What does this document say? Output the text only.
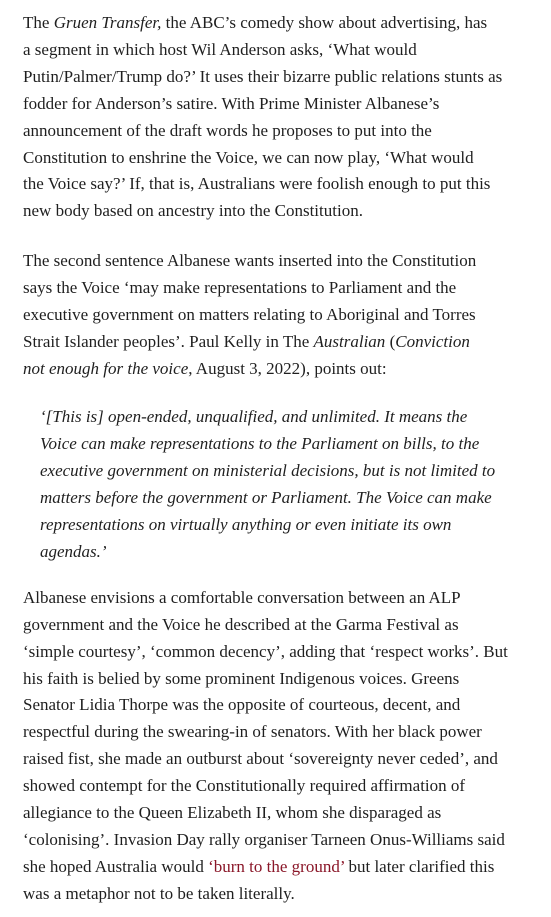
The Gruen Transfer, the ABC’s comedy show about advertising, has
a segment in which host Wil Anderson asks, ‘What would
Putin/Palmer/Trump do?’ It uses their bizarre public relations stunts as
fodder for Anderson’s satire. With Prime Minister Albanese’s
announcement of the draft words he proposes to put into the
Constitution to enshrine the Voice, we can now play, ‘What would
the Voice say?’ If, that is, Australians were foolish enough to put this
new body based on ancestry into the Constitution.

The second sentence Albanese wants inserted into the Constitution
says the Voice ‘may make representations to Parliament and the
executive government on matters relating to Aboriginal and Torres
Strait Islander peoples’. Paul Kelly in The Australian (Conviction
not enough for the voice, August 3, 2022), points out:

‘[This is] open-ended, unqualified, and unlimited. It means the
Voice can make representations to the Parliament on bills, to the
executive government on ministerial decisions, but is not limited to
matters before the government or Parliament. The Voice can make
representations on virtually anything or even initiate its own
agendas.’

Albanese envisions a comfortable conversation between an ALP
government and the Voice he described at the Garma Festival as
‘simple courtesy’, ‘common decency’, adding that ‘respect works’. But
his faith is belied by some prominent Indigenous voices. Greens
Senator Lidia Thorpe was the opposite of courteous, decent, and
respectful during the swearing-in of senators. With her black power
raised fist, she made an outburst about ‘sovereignty never ceded’, and
showed contempt for the Constitutionally required affirmation of
allegiance to the Queen Elizabeth II, whom she disparaged as
‘colonising’. Invasion Day rally organiser Tarneen Onus-Williams said
she hoped Australia would ‘burn to the ground’ but later clarified this
was a metaphor not to be taken literally.
